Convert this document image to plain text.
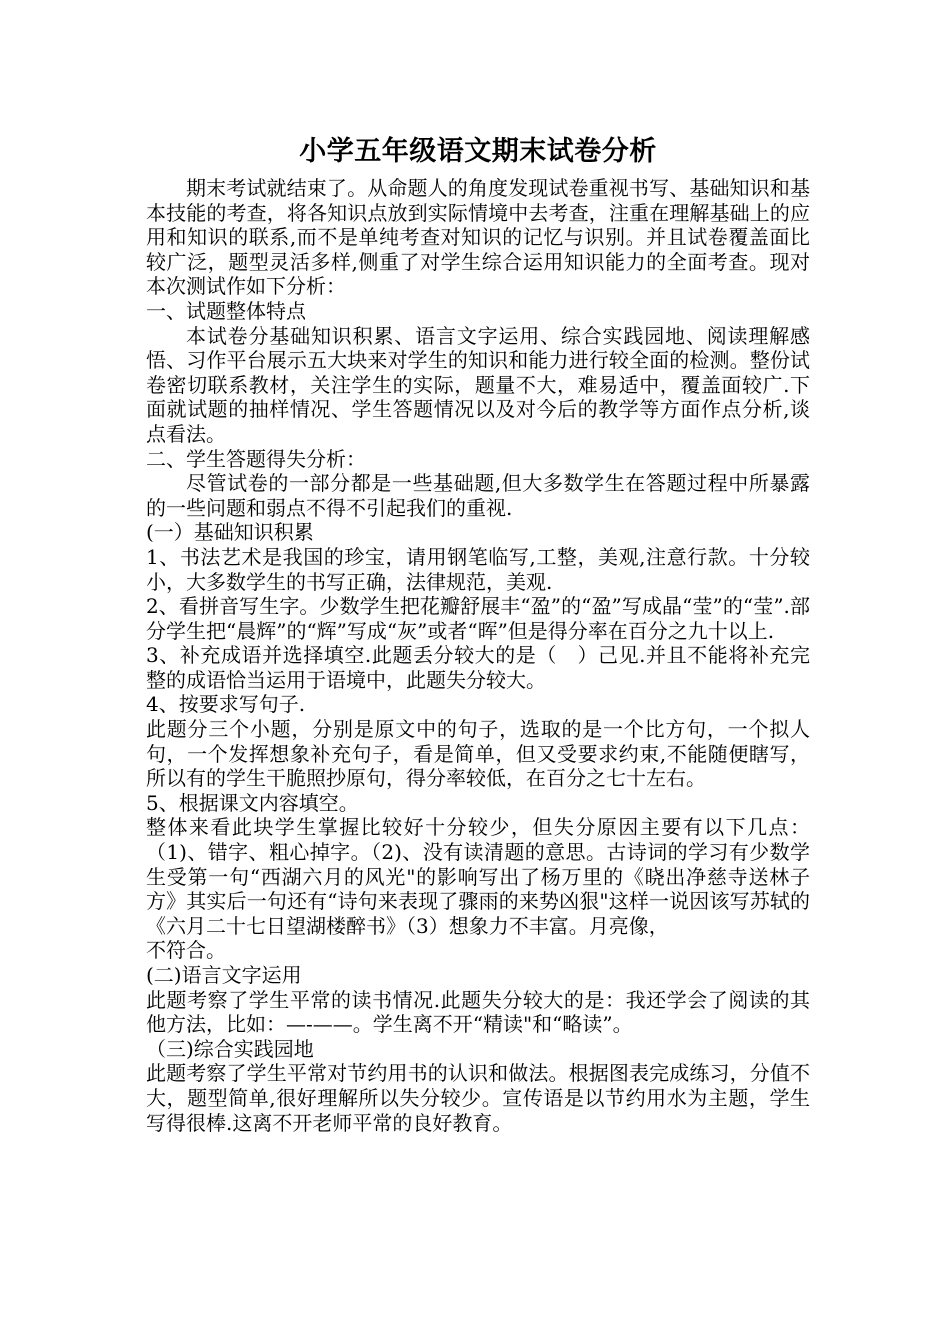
小学五年级语文期末试卷分析

期末考试就结束了。从命题人的角度发现试卷重视书写、基础知识和基本技能的考查，将各知识点放到实际情境中去考查，注重在理解基础上的应用和知识的联系,而不是单纯考查对知识的记忆与识别。并且试卷覆盖面比较广泛，题型灵活多样,侧重了对学生综合运用知识能力的全面考查。现对本次测试作如下分析：

一、试题整体特点

本试卷分基础知识积累、语言文字运用、综合实践园地、阅读理解感悟、习作平台展示五大块来对学生的知识和能力进行较全面的检测。整份试卷密切联系教材，关注学生的实际，题量不大，难易适中，覆盖面较广.下面就试题的抽样情况、学生答题情况以及对今后的教学等方面作点分析,谈点看法。

二、学生答题得失分析：

尽管试卷的一部分都是一些基础题,但大多数学生在答题过程中所暴露的一些问题和弱点不得不引起我们的重视.

(一）基础知识积累

1、书法艺术是我国的珍宝，请用钢笔临写,工整，美观,注意行款。十分较小，大多数学生的书写正确，法律规范，美观.

2、看拼音写生字。少数学生把花瓣舒展丰“盈”的“盈”写成晶“莹”的“莹”.部分学生把“晨辉”的“辉”写成“灰”或者“晖”但是得分率在百分之九十以上.

3、补充成语并选择填空.此题丢分较大的是（　）己见.并且不能将补充完整的成语恰当运用于语境中，此题失分较大。

4、按要求写句子.

此题分三个小题，分别是原文中的句子，选取的是一个比方句，一个拟人句，一个发挥想象补充句子，看是简单，但又受要求约束,不能随便瞎写，所以有的学生干脆照抄原句，得分率较低，在百分之七十左右。

5、根据课文内容填空。

整体来看此块学生掌握比较好十分较少，但失分原因主要有以下几点：（1)、错字、粗心掉字。（2)、没有读清题的意思。古诗词的学习有少数学生受第一句“西湖六月的风光"的影响写出了杨万里的《晓出净慈寺送林子方》其实后一句还有“诗句来表现了骤雨的来势凶狠"这样一说因该写苏轼的《六月二十七日望湖楼醉书》（3）想象力不丰富。月亮像，

不符合。

(二)语言文字运用

此题考察了学生平常的读书情况.此题失分较大的是：我还学会了阅读的其他方法，比如：—-——。学生离不开“精读"和“略读”。

（三)综合实践园地

此题考察了学生平常对节约用书的认识和做法。根据图表完成练习，分值不大，题型简单,很好理解所以失分较少。宣传语是以节约用水为主题，学生写得很棒.这离不开老师平常的良好教育。
